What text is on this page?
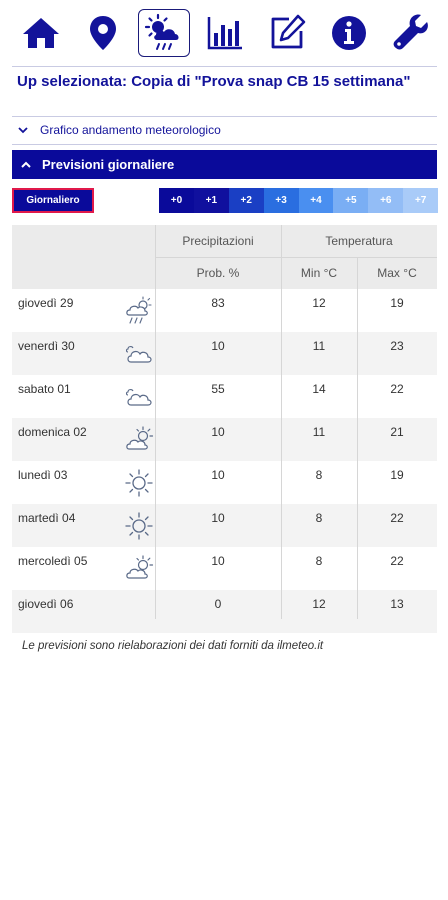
Up selezionata: Copia di "Prova snap CB 15 settimana"
Grafico andamento meteorologico
Previsioni giornaliere
Giornaliero	+0	+1	+2	+3	+4	+5	+6	+7
Precipitazioni	Temperatura
Prob. %	Min °C	Max °C
giovedì 29	83	12	19
venerdì 30	10	11	23
sabato 01	55	14	22
domenica 02	10	11	21
lunedì 03	10	8	19
martedì 04	10	8	22
mercoledì 05	10	8	22
giovedì 06	0	12	13
Le previsioni sono rielaborazioni dei dati forniti da ilmeteo.it
